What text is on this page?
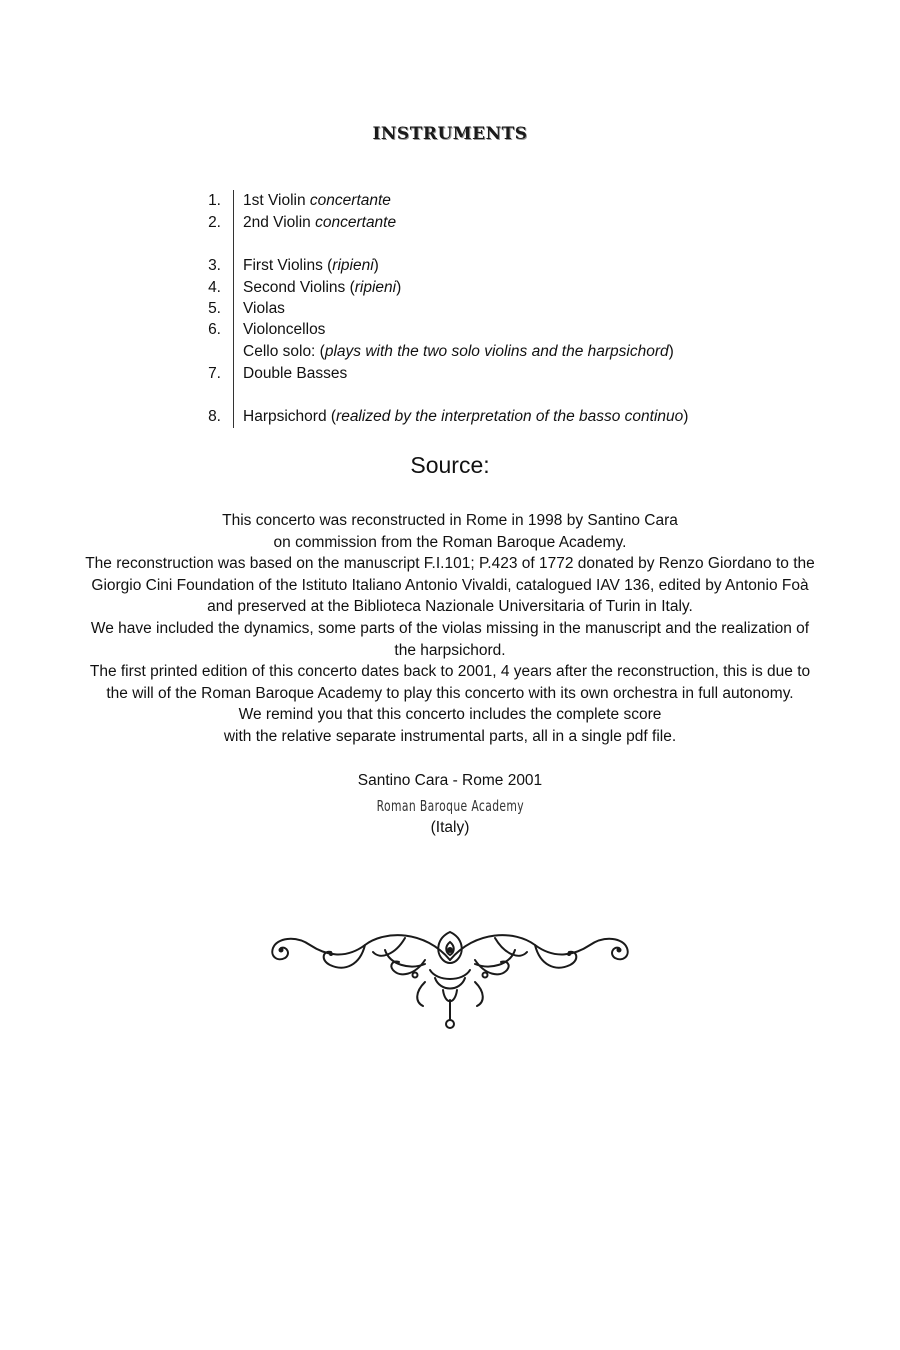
instruments
1. 1st Violin concertante
2. 2nd Violin concertante
3. First Violins (ripieni)
4. Second Violins (ripieni)
5. Violas
6. Violoncellos
Cello solo: (plays with the two solo violins and the harpsichord)
7. Double Basses
8. Harpsichord (realized by the interpretation of the basso continuo)
Source:
This concerto was reconstructed in Rome in 1998 by Santino Cara
on commission from the Roman Baroque Academy.
The reconstruction was based on the manuscript F.I.101; P.423 of 1772 donated by Renzo Giordano to the
Giorgio Cini Foundation of the Istituto Italiano Antonio Vivaldi, catalogued IAV 136, edited by Antonio Foà
and preserved at the Biblioteca Nazionale Universitaria of Turin in Italy.
We have included the dynamics, some parts of the violas missing in the manuscript and the realization of
the harpsichord.
The first printed edition of this concerto dates back to 2001, 4 years after the reconstruction, this is due to
the will of the Roman Baroque Academy to play this concerto with its own orchestra in full autonomy.
We remind you that this concerto includes the complete score
with the relative separate instrumental parts, all in a single pdf file.
Santino Cara - Rome 2001
Roman Baroque Academy
(Italy)
